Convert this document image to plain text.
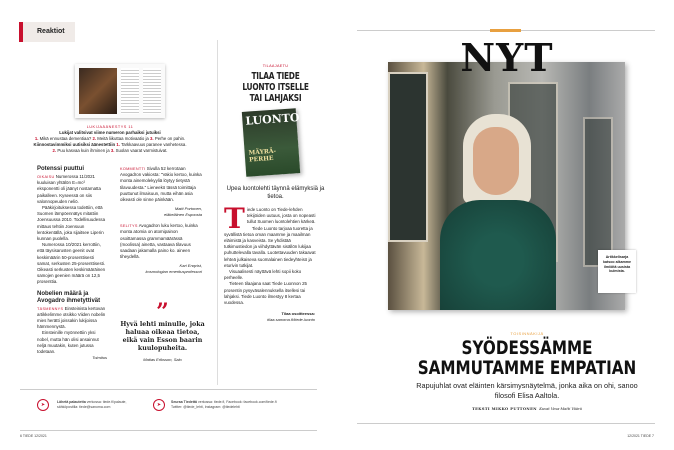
Reaktiot
LUKIJAÄÄNESTYS 11
Lukijat valitsivat viime numeron parhaiksi jutuiksi
1. Mikä ennustaa dementiaa? 2. Meitä liikuttaa motivaatio ja 3. Perhe on pahin.
Kiinnostavimmiksi uutisiksi äänestettiin 1. Tarkkaavuus paranee vanhetessa.
2. Puu kasvaa kuin ihminen ja 3. Suolan vaarat varmistuivat.
Potenssi puuttui

OIKAISU Numerossa 11/2021 kuuluisan yhtälön E=mc² eksponentti oli jäänyt nostamatta paikalleen. Kyseessä on siis valonnopeuden neliö.

Pääkirjoituksessa todettiin, että Suomen lämpöennätys mitattiin Joensuussa 2010. Todellisuudessa mittaus tehtiin Joensuun lentokentällä, joka sijaitsee Liperin kunnan puolella.

Numerossa 10/2021 kerrottiin, että täysisarusten geenit ovat keskimäärin 50-prosenttisesti samat, serkusten 25-prosenttisesti. Oikeasti serkusten keskimääräinen samojen geenien määrä on 12,5 prosenttia.

Nobelien määrä ja Avogadro ihmetyttivät

TÄSMENNYS Einsteinista kertovan artikkelimme otsikko Viiden nobelin mies herätti joissakin lukijoissa hämmennystä.

Einsteinille myönnettiin yksi nobel, mutta hän olisi ansainnut neljä muutakin, kuten jutussa todetaan.

Toimitus

KOMMENTTI Sivulla 52 kerrotaan Avogadron vakiosta: "Vakio kertoo, kuinka monta ainemolekyyliä löytyy tietystä tilavuudesta." Lieneekö tässä toimittaja puuttunut ilmaisuun, mutta eihän asia oikeasti ole sinne päinkään.

Matti Portonen,
eläkeläinen Espoosta

SELITYS Avogadron luku kertoo, kuinka monta atomia on atomipainon osoittamassa grammamäärässä (moolissa) ainetta, vastaava tilavuus saadaan jakamalla paino ko. aineen tiheydellä.

Kari Enqvist,
kosmologian emeritusprofessori
”
Hyvä lehti minulle, joka haluaa oikeaa tietoa, eikä vain Esson baarin kuulopuheita.
Matias Eriksson, Salo
TILAAJAETU
TILAA TIEDE LUONTO ITSELLE TAI LAHJAKSI
LUONTO
MÄYRÄ-PERHE
Upea luontolehti täynnä elämyksiä ja tietoa.

Tiede Luonto on Tiede-lehden tekijöiden uutuus, josta on nopeasti tullut Suomen luontolehtien kärkeä.

Tiede Luonto tarjoaa tuoretta ja syvällistä tietoa oman maamme ja maailman eläimistä ja kasveista. Se yhdistää tutkimustiedon ja viihdyttävän sisällön lukijaa puhuttelevalla tavalla. Luotettavuuden takaavat lehteä julkaiseva suomalainen tiedeyhteisö ja eturivin tutkijat.

Visuaalisesti näyttävä lehti sopii koko perheelle.

Tieteen tilaajana saat Tiede Luonnon 25 prosentin pysyväsalennuksella itsellesi tai lahjaksi. Tiede Luonto ilmestyy 8 kertaa vuodessa.

Tilaa osoitteessa:
tilaa.sanoma.fi/tiede-luonto
➤	Lähetä palautetta verkossa: tiede.fi/palaute,
sähköpostilla: tiede@sanoma.com	➤	Seuraa Tiedettä verkossa: tiede.fi, Facebook: facebook.com/tiede.fi
Twitter: @tiede_lehti, Instagram: @tiedelehti
6 TIEDE 12/2021
NYT
Artikkelisarja katsoo alkamme ilmiöitä uusista kulmista.
TOISINNÄKIJÄ
SYÖDESSÄMME
SAMMUTAMME EMPATIAN
Rapujuhlat ovat eläinten kärsimysnäytelmä, jonka aika on ohi, sanoo filosofi Elisa Aaltola.
TEKSTI MIKKO PUTTONEN Kuvat Vesa-Matti Väärä
12/2021 TIEDE 7
